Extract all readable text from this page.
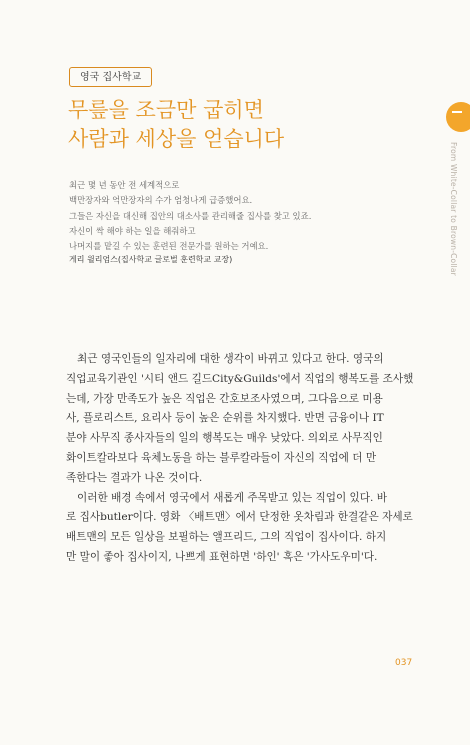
영국 집사학교
무릎을 조금만 굽히면
사람과 세상을 얻습니다
최근 몇 년 동안 전 세계적으로
백만장자와 억만장자의 수가 엄청나게 급증했어요.
그들은 자신을 대신해 집안의 대소사를 관리해줄 집사를 찾고 있죠.
자신이 싹 해야 하는 일을 해줘하고
나머지를 맡길 수 있는 훈련된 전문가를 원하는 거예요.
게리 윌리엄스(집사학교 글로벌 훈련학교 교장)
최근 영국인들의 일자리에 대한 생각이 바뀌고 있다고 한다. 영국의
직업교육기관인 '시티 앤드 길드City&Guilds'에서 직업의 행복도를 조사했
는데, 가장 만족도가 높은 직업은 간호보조사였으며, 그다음으로 미용
사, 플로리스트, 요리사 등이 높은 순위를 차지했다. 반면 금융이나 IT
분야 사무직 종사자들의 일의 행복도는 매우 낮았다. 의외로 사무직인
화이트칼라보다 육체노동을 하는 블루칼라들이 자신의 직업에 더 만
족한다는 결과가 나온 것이다.
이러한 배경 속에서 영국에서 새롭게 주목받고 있는 직업이 있다. 바
로 집사butler이다. 영화 〈배트맨〉에서 단정한 옷차림과 한결같은 자세로
배트맨의 모든 일상을 보필하는 앨프리드, 그의 직업이 집사이다. 하지
만 말이 좋아 집사이지, 나쁘게 표현하면 '하인' 혹은 '가사도우미'다.
037
From White-Collar to Brown-Collar
